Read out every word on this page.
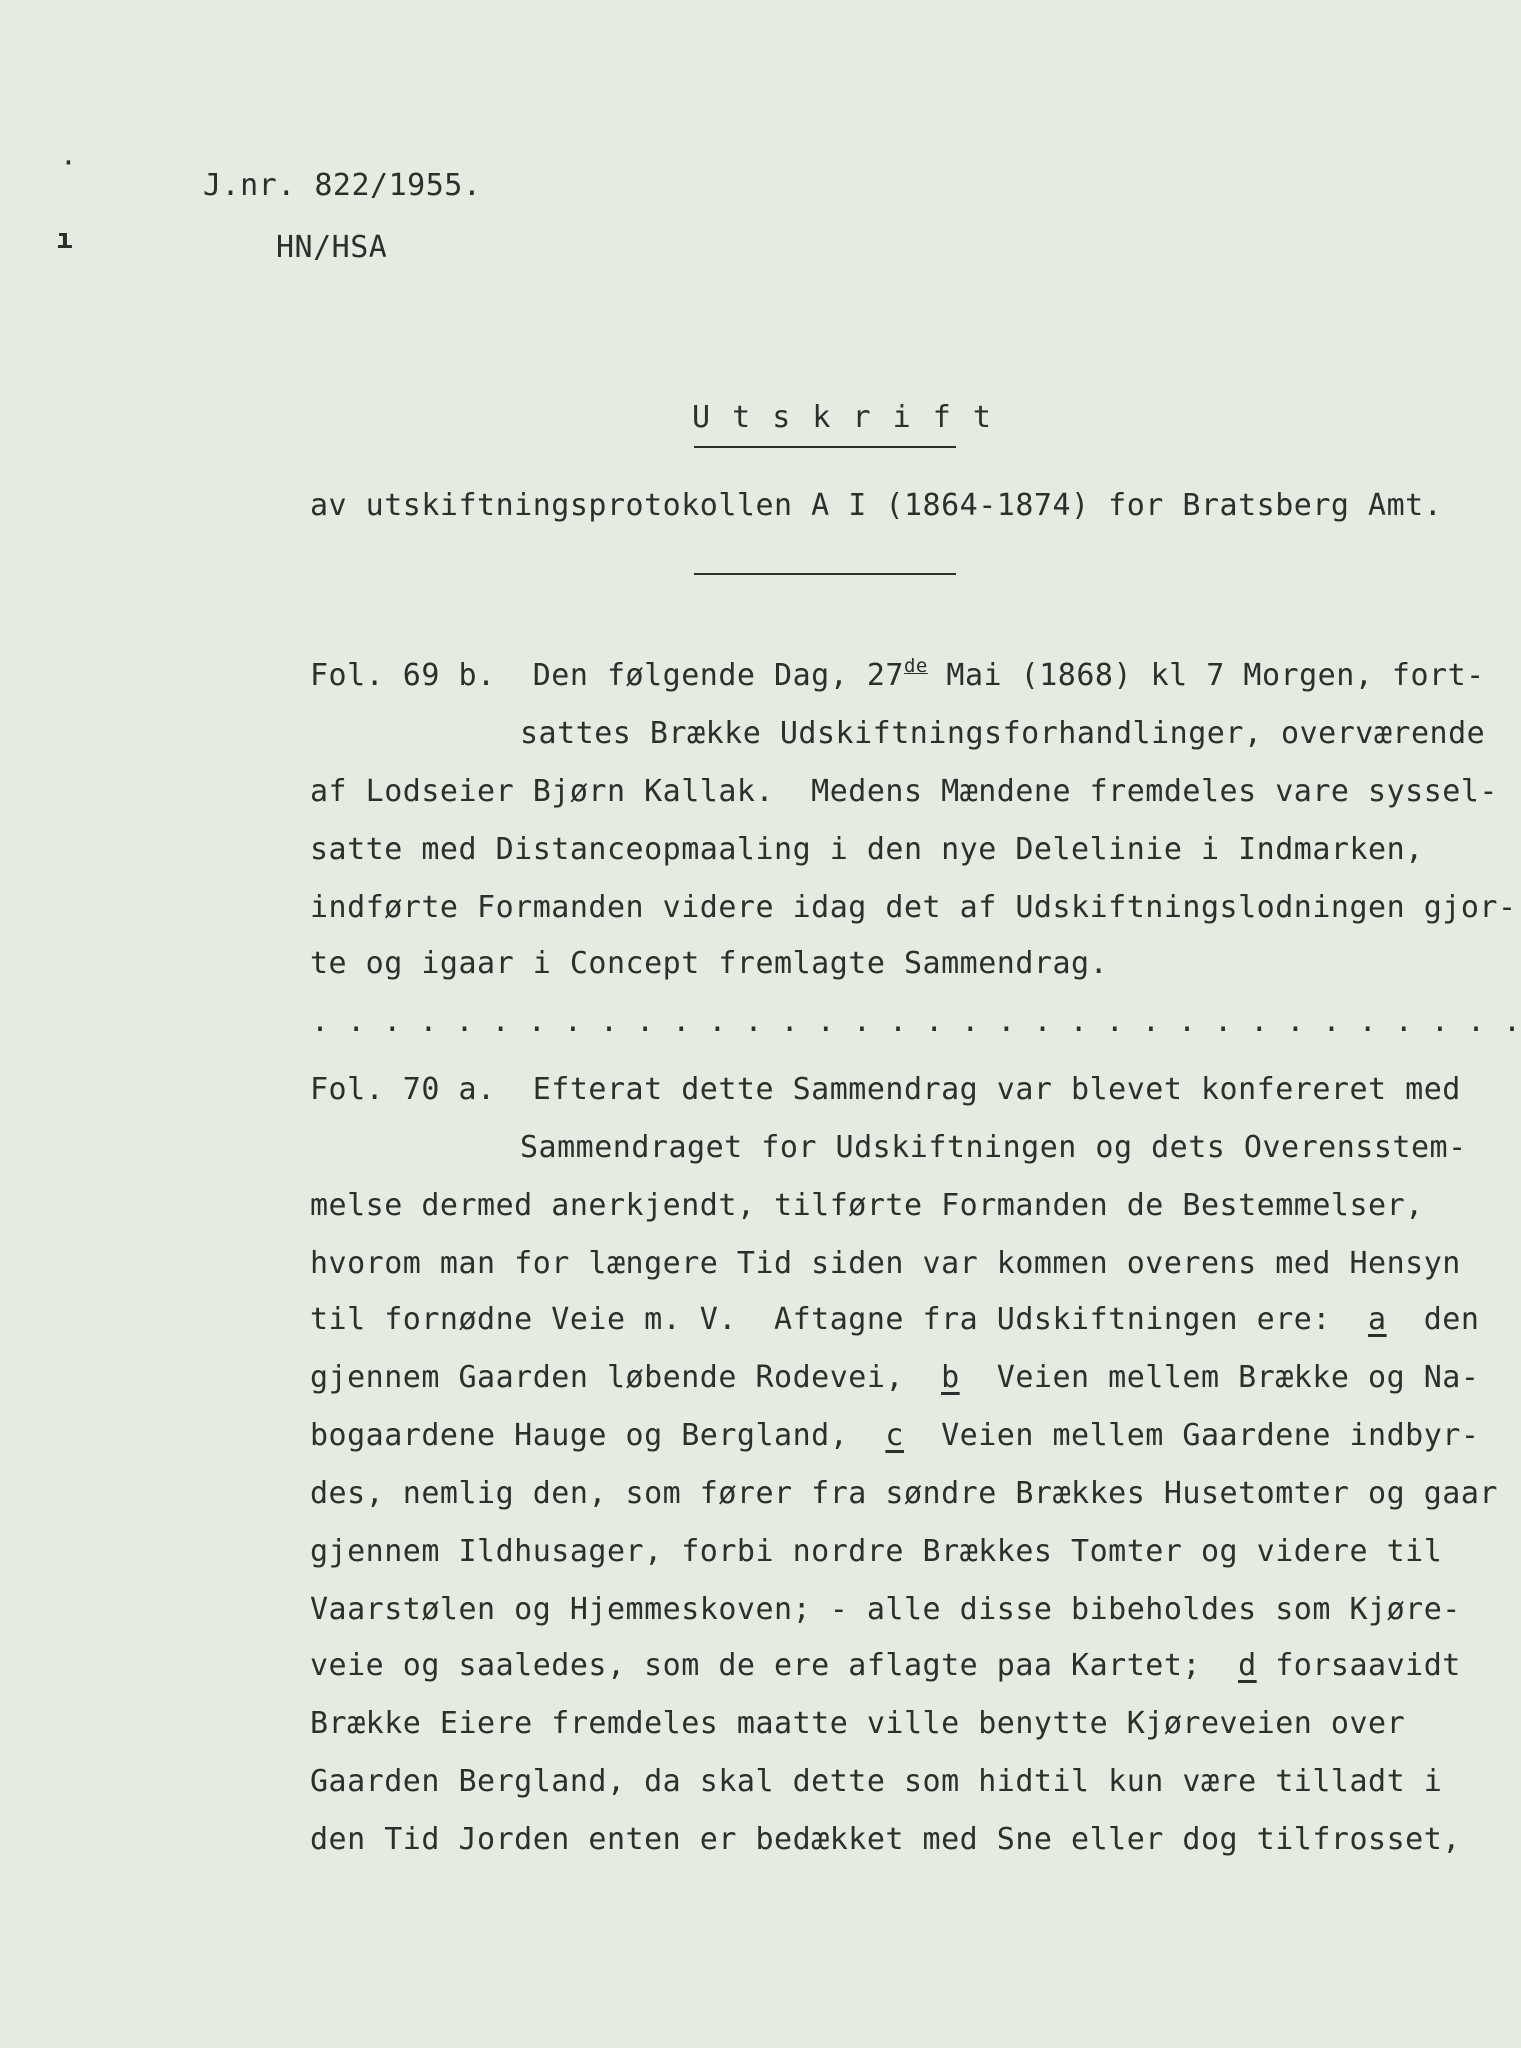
·
ı
J.nr. 822/1955.
HN/HSA
U t s k r i f t
av utskiftningsprotokollen A I (1864-1874) for Bratsberg Amt.
Fol. 69 b. Den følgende Dag, 27de Mai (1868) kl 7 Morgen, fort-
sattes Brække Udskiftningsforhandlinger, overværende
af Lodseier Bjørn Kallak.  Medens Mændene fremdeles vare syssel-
satte med Distanceopmaaling i den nye Delelinie i Indmarken,
indførte Formanden videre idag det af Udskiftningslodningen gjor-
te og igaar i Concept fremlagte Sammendrag.
. . . . . . . . . . . . . . . . . . . . . . . . . . . . . . . . . .
Fol. 70 a. Efterat dette Sammendrag var blevet konfereret med
Sammendraget for Udskiftningen og dets Overensstem-
melse dermed anerkjendt, tilførte Formanden de Bestemmelser,
hvorom man for længere Tid siden var kommen overens med Hensyn
til fornødne Veie m. V.  Aftagne fra Udskiftningen ere:  a  den
gjennem Gaarden løbende Rodevei,  b  Veien mellem Brække og Na-
bogaardene Hauge og Bergland,  c  Veien mellem Gaardene indbyr-
des, nemlig den, som fører fra søndre Brækkes Husetomter og gaar
gjennem Ildhusager, forbi nordre Brækkes Tomter og videre til
Vaarstølen og Hjemmeskoven; - alle disse bibeholdes som Kjøre-
veie og saaledes, som de ere aflagte paa Kartet;  d forsaavidt
Brække Eiere fremdeles maatte ville benytte Kjøreveien over
Gaarden Bergland, da skal dette som hidtil kun være tilladt i
den Tid Jorden enten er bedækket med Sne eller dog tilfrosset,
